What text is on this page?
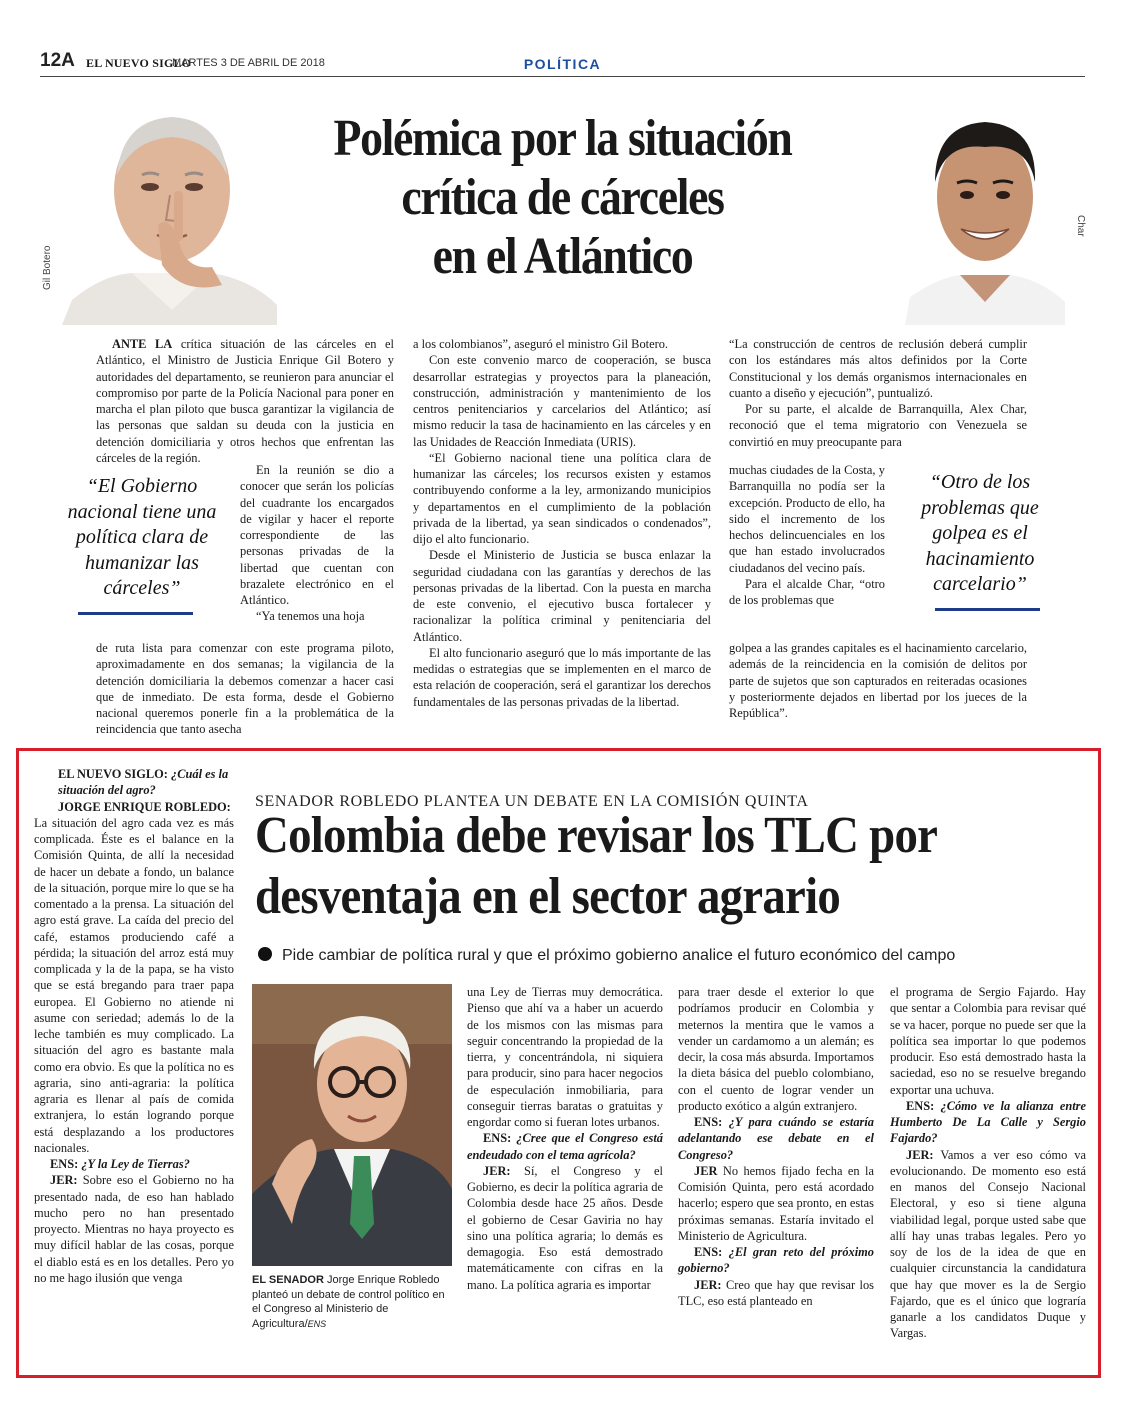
12A EL NUEVO SIGLO
MARTES 3 DE ABRIL DE 2018	POLÍTICA
Gil Botero
Char
Polémica por la situación
crítica de cárceles
en el Atlántico

ANTE LA crítica situación de las cárceles en el Atlántico, el Ministro de Justicia Enrique Gil Botero y autoridades del departamento, se reunieron para anunciar el compromiso por parte de la Policía Nacional para poner en marcha el plan piloto que busca garantizar la vigilancia de las personas que saldan su deuda con la justicia en detención domiciliaria y otros hechos que enfrentan las cárceles de la región.

“El Gobierno nacional tiene una política clara de humanizar las cárceles”

En la reunión se dio a conocer que serán los policías del cuadrante los encargados de vigilar y hacer el reporte correspondiente de las personas privadas de la libertad que cuentan con brazalete electrónico en el Atlántico.

“Ya tenemos una hoja

de ruta lista para comenzar con este programa piloto, aproximadamente en dos semanas; la vigilancia de la detención domiciliaria la debemos comenzar a hacer casi que de inmediato. De esta forma, desde el Gobierno nacional queremos ponerle fin a la problemática de la reincidencia que tanto asecha

a los colombianos”, aseguró el ministro Gil Botero.

Con este convenio marco de cooperación, se busca desarrollar estrategias y proyectos para la planeación, construcción, administración y mantenimiento de los centros penitenciarios y carcelarios del Atlántico; así mismo reducir la tasa de hacinamiento en las cárceles y en las Unidades de Reacción Inmediata (URIS).

“El Gobierno nacional tiene una política clara de humanizar las cárceles; los recursos existen y estamos contribuyendo conforme a la ley, armonizando municipios y departamentos en el cumplimiento de la población privada de la libertad, ya sean sindicados o condenados”, dijo el alto funcionario.

Desde el Ministerio de Justicia se busca enlazar la seguridad ciudadana con las garantías y derechos de las personas privadas de la libertad. Con la puesta en marcha de este convenio, el ejecutivo busca fortalecer y racionalizar la política criminal y penitenciaria del Atlántico.

El alto funcionario aseguró que lo más importante de las medidas o estrategias que se implementen en el marco de esta relación de cooperación, será el garantizar los derechos fundamentales de las personas privadas de la libertad.

“La construcción de centros de reclusión deberá cumplir con los estándares más altos definidos por la Corte Constitucional y los demás organismos internacionales en cuanto a diseño y ejecución”, puntualizó.

Por su parte, el alcalde de Barranquilla, Alex Char, reconoció que el tema migratorio con Venezuela se convirtió en muy preocupante para

muchas ciudades de la Costa, y Barranquilla no podía ser la excepción. Producto de ello, ha sido el incremento de los hechos delincuenciales en los que han estado involucrados ciudadanos del vecino país.

Para el alcalde Char, “otro de los problemas que

“Otro de los problemas que golpea es el hacinamiento carcelario”

golpea a las grandes capitales es el hacinamiento carcelario, además de la reincidencia en la comisión de delitos por parte de sujetos que son capturados en reiteradas ocasiones y posteriormente dejados en libertad por los jueces de la República”.

EL NUEVO SIGLO: ¿Cuál es la situación del agro?

JORGE ENRIQUE ROBLEDO:

La situación del agro cada vez es más complicada. Éste es el balance en la Comisión Quinta, de allí la necesidad de hacer un debate a fondo, un balance de la situación, porque mire lo que se ha comentado a la prensa. La situación del agro está grave. La caída del precio del café, estamos produciendo café a pérdida; la situación del arroz está muy complicada y la de la papa, se ha visto que se está bregando para traer papa europea. El Gobierno no atiende ni asume con seriedad; además lo de la leche también es muy complicado. La situación del agro es bastante mala como era obvio. Es que la política no es agraria, sino anti-agraria: la política agraria es llenar al país de comida extranjera, lo están logrando porque está desplazando a los productores nacionales.

ENS: ¿Y la Ley de Tierras?

JER: Sobre eso el Gobierno no ha presentado nada, de eso han hablado mucho pero no han presentado proyecto. Mientras no haya proyecto es muy difícil hablar de las cosas, porque el diablo está es en los detalles. Pero yo no me hago ilusión que venga

SENADOR ROBLEDO PLANTEA UN DEBATE EN LA COMISIÓN QUINTA
Colombia debe revisar los TLC por
desventaja en el sector agrario
Pide cambiar de política rural y que el próximo gobierno analice el futuro económico del campo
EL SENADOR Jorge Enrique Robledo planteó un debate de control político en el Congreso al Ministerio de Agricultura/ENS

una Ley de Tierras muy democrática. Pienso que ahí va a haber un acuerdo de los mismos con las mismas para seguir concentrando la propiedad de la tierra, y concentrándola, ni siquiera para producir, sino para hacer negocios de especulación inmobiliaria, para conseguir tierras baratas o gratuitas y engordar como si fueran lotes urbanos.

ENS: ¿Cree que el Congreso está endeudado con el tema agrícola?

JER: Sí, el Congreso y el Gobierno, es decir la política agraria de Colombia desde hace 25 años. Desde el gobierno de Cesar Gaviria no hay sino una política agraria; lo demás es demagogia. Eso está demostrado matemáticamente con cifras en la mano. La política agraria es importar

para traer desde el exterior lo que podríamos producir en Colombia y meternos la mentira que le vamos a vender un cardamomo a un alemán; es decir, la cosa más absurda. Importamos la dieta básica del pueblo colombiano, con el cuento de lograr vender un producto exótico a algún extranjero.

ENS: ¿Y para cuándo se estaría adelantando ese debate en el Congreso?

JER No hemos fijado fecha en la Comisión Quinta, pero está acordado hacerlo; espero que sea pronto, en estas próximas semanas. Estaría invitado el Ministerio de Agricultura.

ENS: ¿El gran reto del próximo gobierno?

JER: Creo que hay que revisar los TLC, eso está planteado en

el programa de Sergio Fajardo. Hay que sentar a Colombia para revisar qué se va hacer, porque no puede ser que la política sea importar lo que podemos producir. Eso está demostrado hasta la saciedad, eso no se resuelve bregando exportar una uchuva.

ENS: ¿Cómo ve la alianza entre Humberto De La Calle y Sergio Fajardo?

JER: Vamos a ver eso cómo va evolucionando. De momento eso está en manos del Consejo Nacional Electoral, y eso si tiene alguna viabilidad legal, porque usted sabe que allí hay unas trabas legales. Pero yo soy de los de la idea de que en cualquier circunstancia la candidatura que hay que mover es la de Sergio Fajardo, que es el único que lograría ganarle a los candidatos Duque y Vargas.
